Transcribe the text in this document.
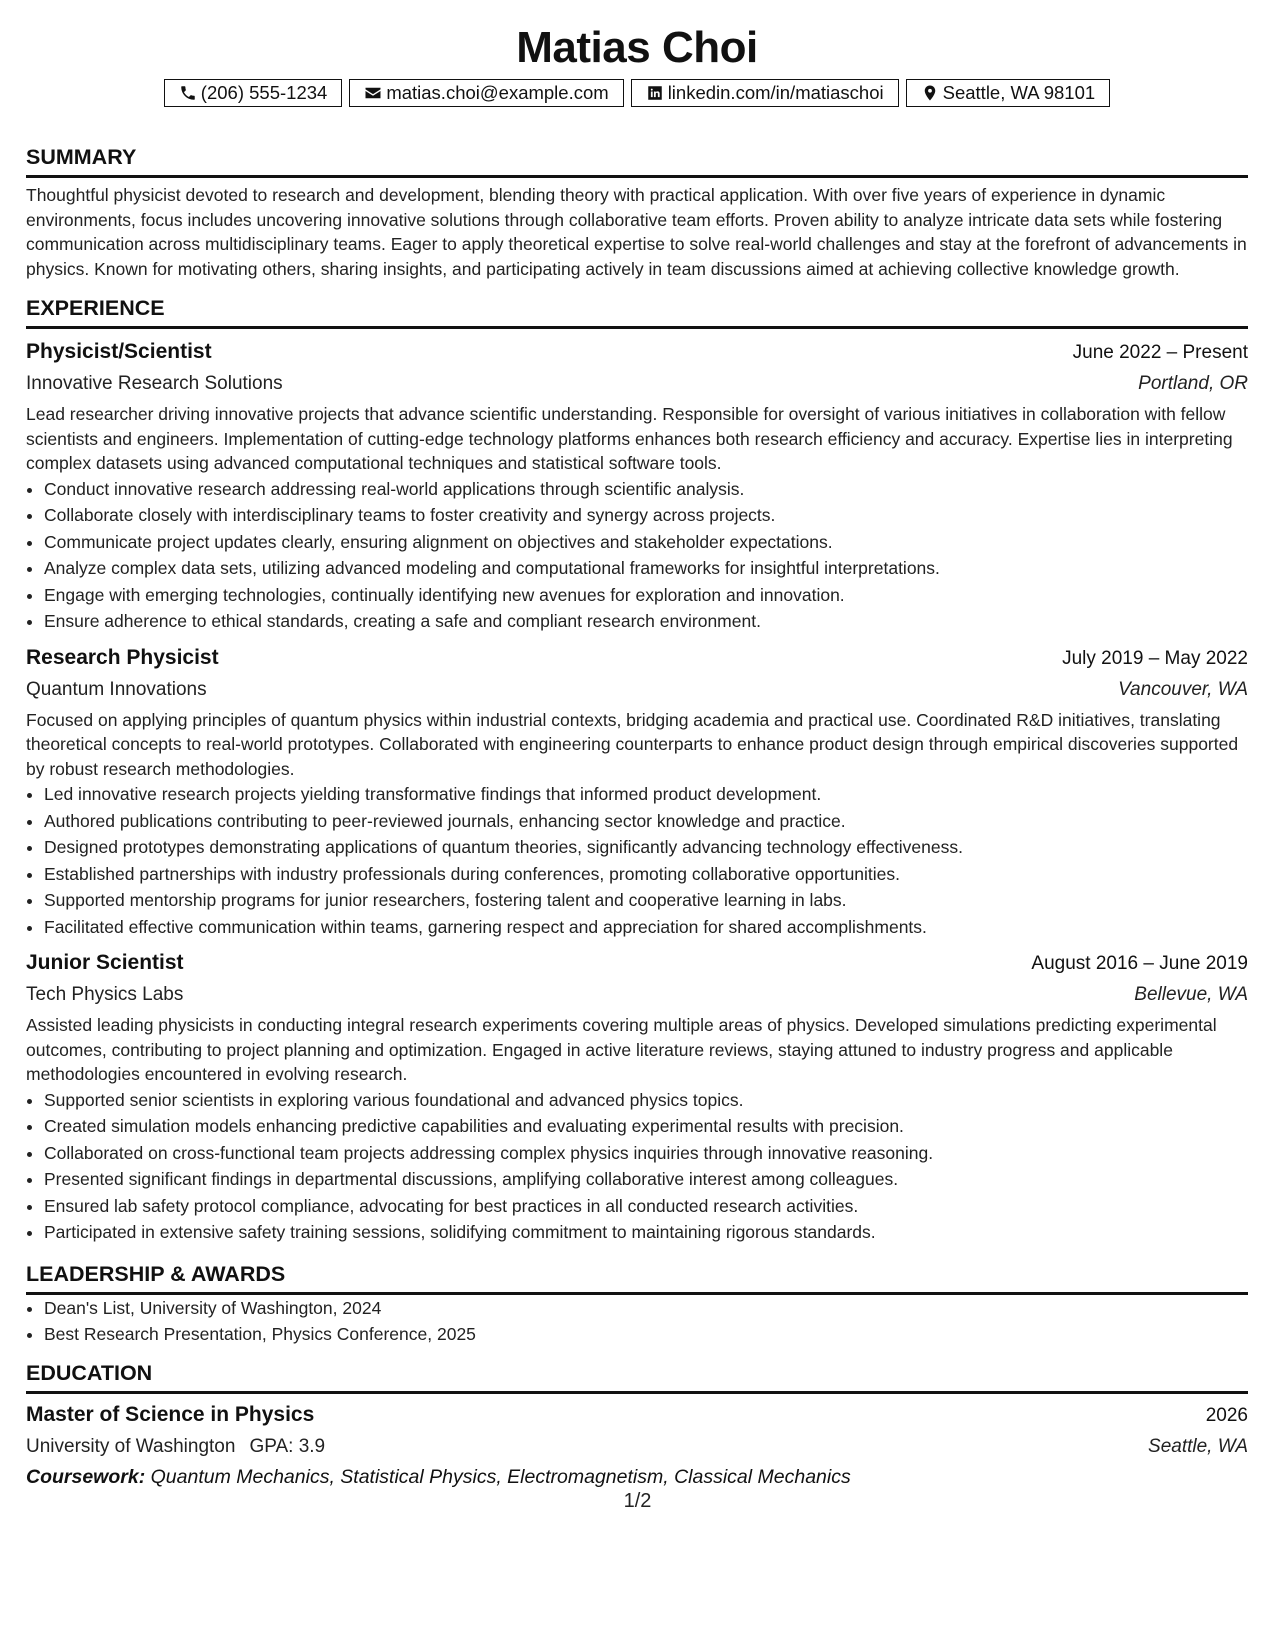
Matias Choi
(206) 555-1234	matias.choi@example.com	linkedin.com/in/matiaschoi	Seattle, WA 98101
SUMMARY
Thoughtful physicist devoted to research and development, blending theory with practical application. With over five years of experience in dynamic environments, focus includes uncovering innovative solutions through collaborative team efforts. Proven ability to analyze intricate data sets while fostering communication across multidisciplinary teams. Eager to apply theoretical expertise to solve real-world challenges and stay at the forefront of advancements in physics. Known for motivating others, sharing insights, and participating actively in team discussions aimed at achieving collective knowledge growth.
EXPERIENCE
Physicist/Scientist	June 2022 – Present
Innovative Research Solutions	Portland, OR
Lead researcher driving innovative projects that advance scientific understanding. Responsible for oversight of various initiatives in collaboration with fellow scientists and engineers. Implementation of cutting-edge technology platforms enhances both research efficiency and accuracy. Expertise lies in interpreting complex datasets using advanced computational techniques and statistical software tools.
• Conduct innovative research addressing real-world applications through scientific analysis.
• Collaborate closely with interdisciplinary teams to foster creativity and synergy across projects.
• Communicate project updates clearly, ensuring alignment on objectives and stakeholder expectations.
• Analyze complex data sets, utilizing advanced modeling and computational frameworks for insightful interpretations.
• Engage with emerging technologies, continually identifying new avenues for exploration and innovation.
• Ensure adherence to ethical standards, creating a safe and compliant research environment.
Research Physicist	July 2019 – May 2022
Quantum Innovations	Vancouver, WA
Focused on applying principles of quantum physics within industrial contexts, bridging academia and practical use. Coordinated R&D initiatives, translating theoretical concepts to real-world prototypes. Collaborated with engineering counterparts to enhance product design through empirical discoveries supported by robust research methodologies.
• Led innovative research projects yielding transformative findings that informed product development.
• Authored publications contributing to peer-reviewed journals, enhancing sector knowledge and practice.
• Designed prototypes demonstrating applications of quantum theories, significantly advancing technology effectiveness.
• Established partnerships with industry professionals during conferences, promoting collaborative opportunities.
• Supported mentorship programs for junior researchers, fostering talent and cooperative learning in labs.
• Facilitated effective communication within teams, garnering respect and appreciation for shared accomplishments.
Junior Scientist	August 2016 – June 2019
Tech Physics Labs	Bellevue, WA
Assisted leading physicists in conducting integral research experiments covering multiple areas of physics. Developed simulations predicting experimental outcomes, contributing to project planning and optimization. Engaged in active literature reviews, staying attuned to industry progress and applicable methodologies encountered in evolving research.
• Supported senior scientists in exploring various foundational and advanced physics topics.
• Created simulation models enhancing predictive capabilities and evaluating experimental results with precision.
• Collaborated on cross-functional team projects addressing complex physics inquiries through innovative reasoning.
• Presented significant findings in departmental discussions, amplifying collaborative interest among colleagues.
• Ensured lab safety protocol compliance, advocating for best practices in all conducted research activities.
• Participated in extensive safety training sessions, solidifying commitment to maintaining rigorous standards.
LEADERSHIP & AWARDS
• Dean's List, University of Washington, 2024
• Best Research Presentation, Physics Conference, 2025
EDUCATION
Master of Science in Physics	2026
University of Washington GPA: 3.9	Seattle, WA
Coursework: Quantum Mechanics, Statistical Physics, Electromagnetism, Classical Mechanics
1/2
